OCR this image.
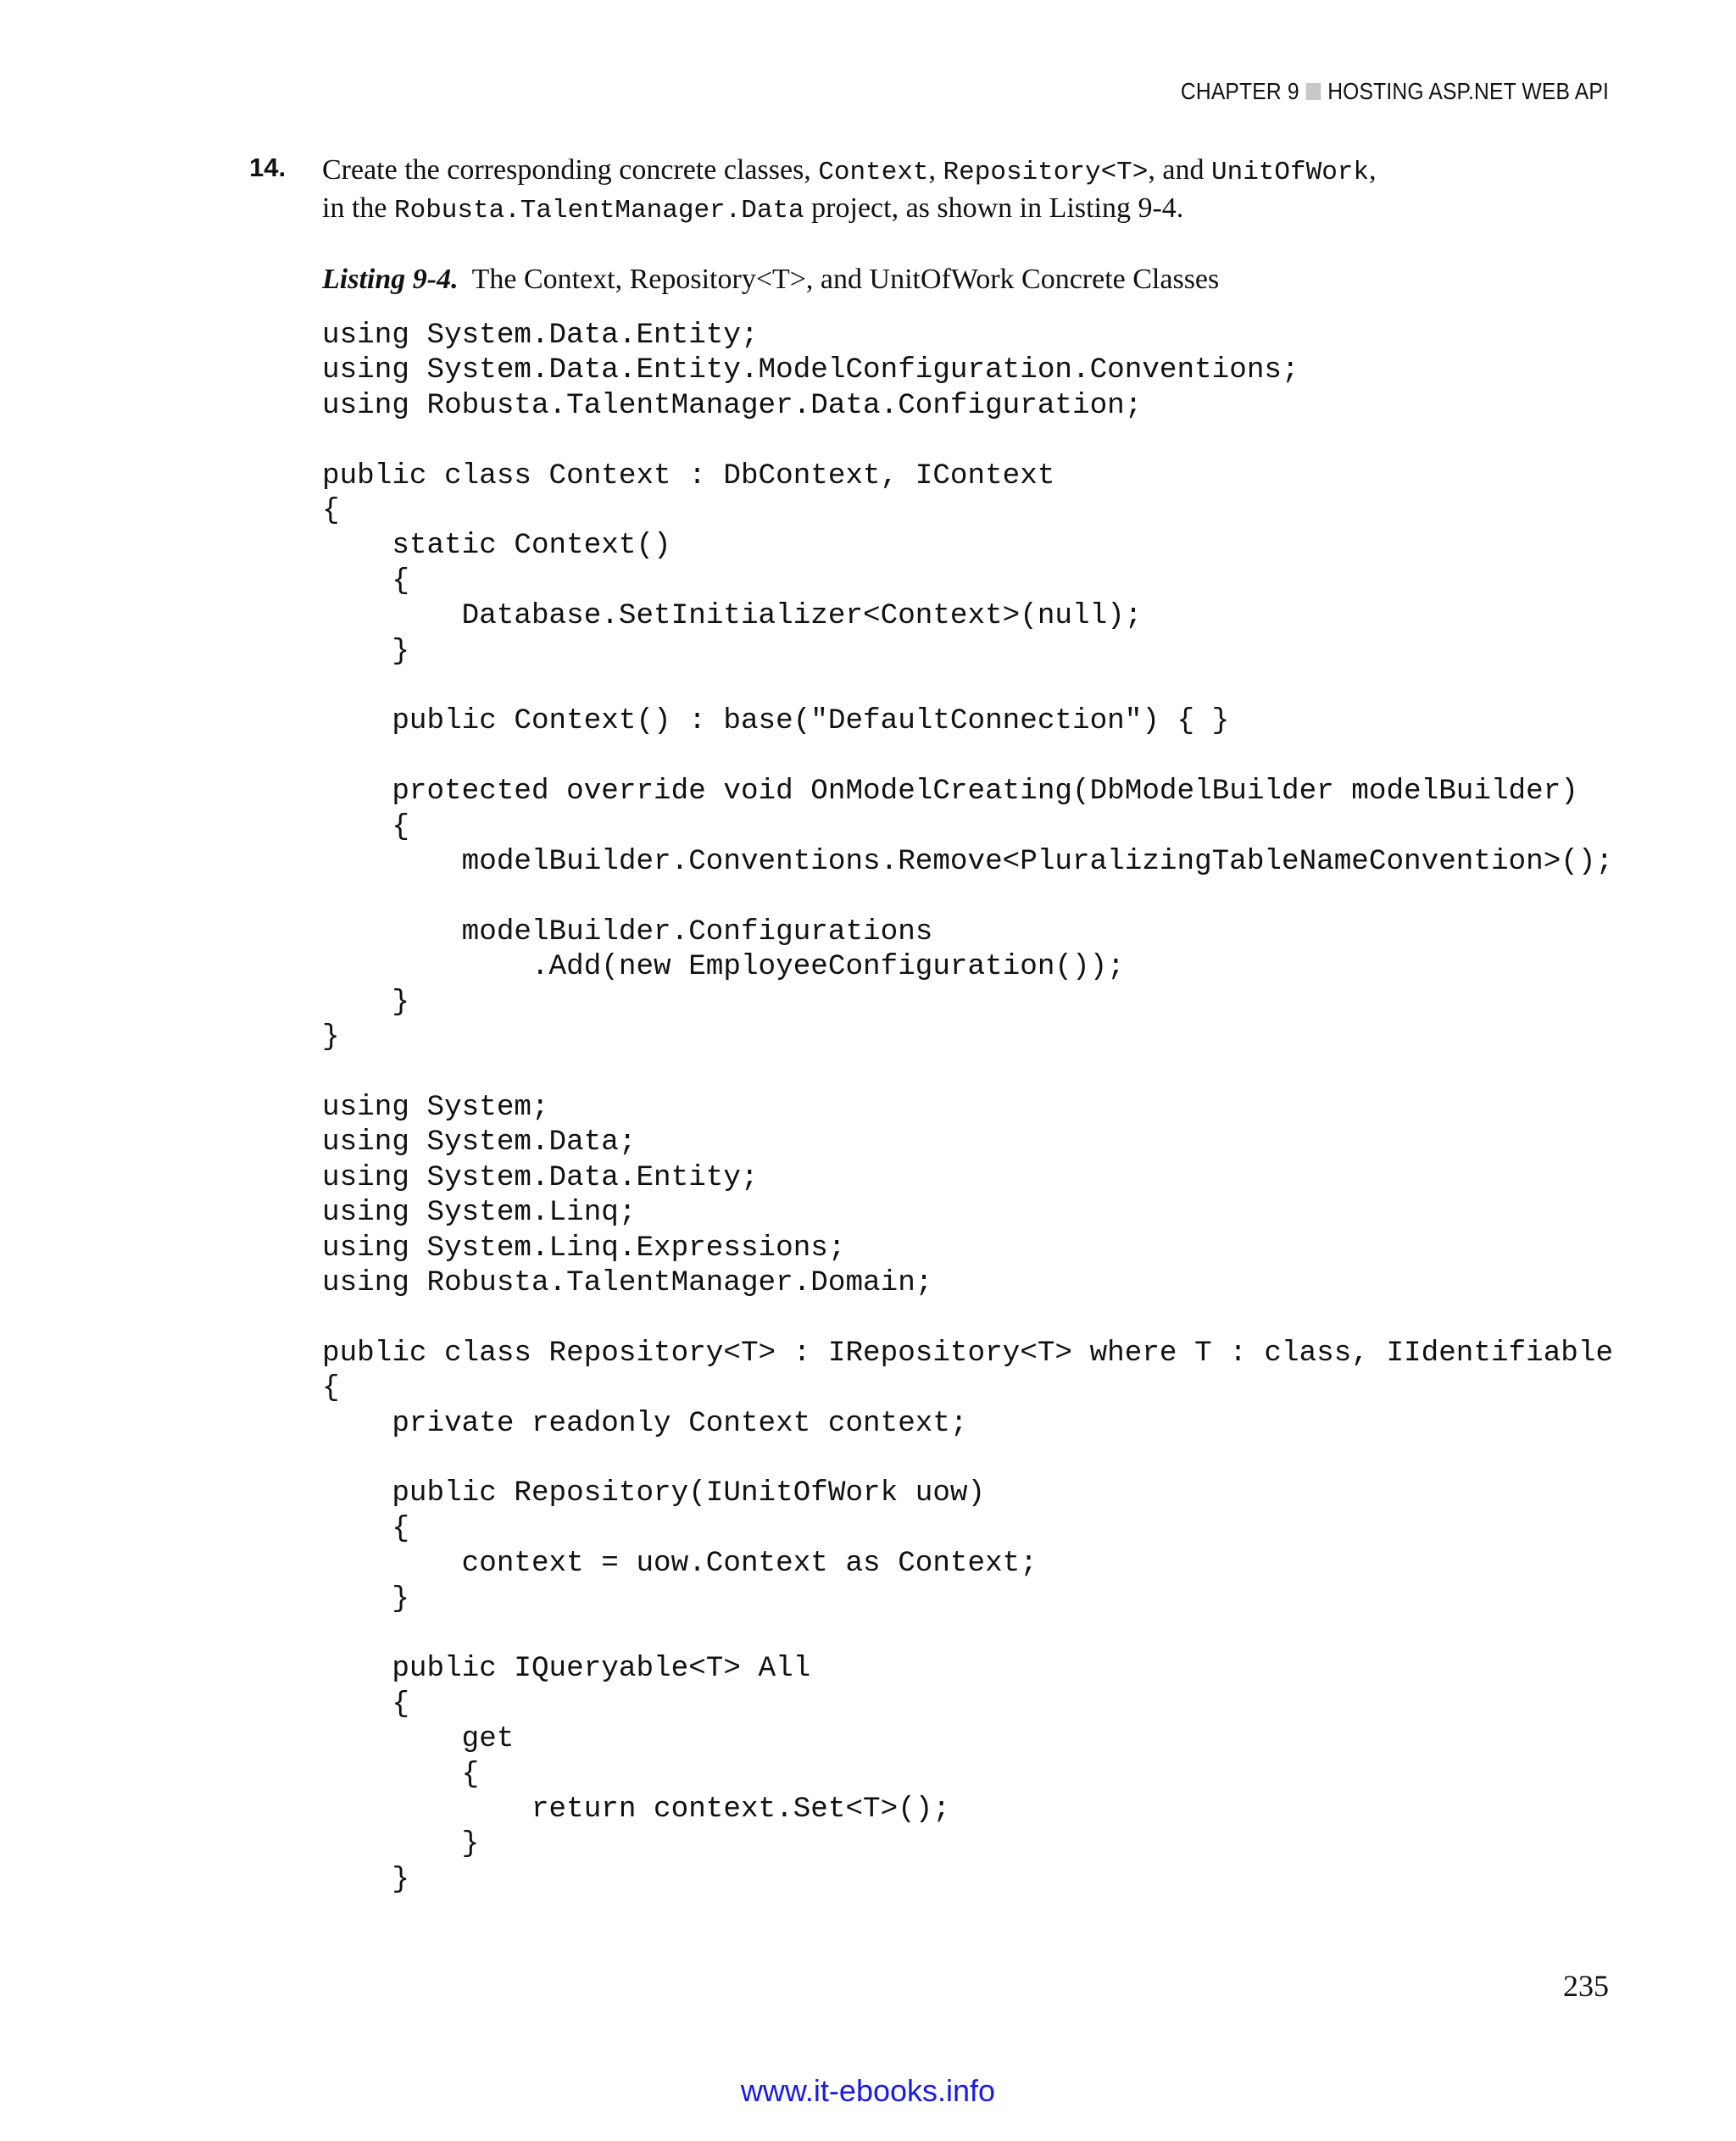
CHAPTER 9 HOSTING ASP.NET WEB API
14. Create the corresponding concrete classes, Context, Repository<T>, and UnitOfWork,
in the Robusta.TalentManager.Data project, as shown in Listing 9-4.
Listing 9-4. The Context, Repository<T>, and UnitOfWork Concrete Classes
using System.Data.Entity;
using System.Data.Entity.ModelConfiguration.Conventions;
using Robusta.TalentManager.Data.Configuration;

public class Context : DbContext, IContext
{
static Context()
{
Database.SetInitializer<Context>(null);
}

public Context() : base("DefaultConnection") { }

protected override void OnModelCreating(DbModelBuilder modelBuilder)
{
modelBuilder.Conventions.Remove<PluralizingTableNameConvention>();

modelBuilder.Configurations
.Add(new EmployeeConfiguration());
}
}

using System;
using System.Data;
using System.Data.Entity;
using System.Linq;
using System.Linq.Expressions;
using Robusta.TalentManager.Domain;

public class Repository<T> : IRepository<T> where T : class, IIdentifiable
{
private readonly Context context;

public Repository(IUnitOfWork uow)
{
context = uow.Context as Context;
}

public IQueryable<T> All
{
get
{
return context.Set<T>();
}
}
235
www.it-ebooks.info
